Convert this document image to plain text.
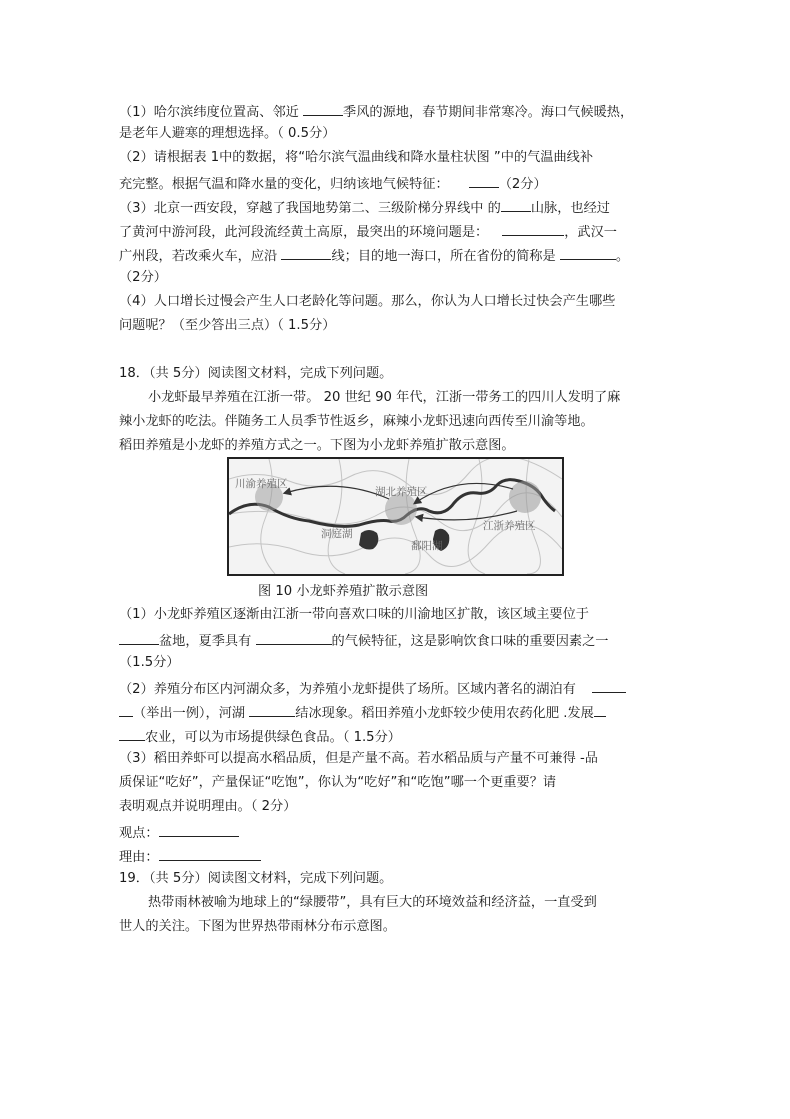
（1）哈尔滨纬度位置高、邻近	季风的源地，春节期间非常寒冷。海口气候暖热，
是老年人避寒的理想选择。（ 0.5分）
（2）请根据表 1中的数据，将“哈尔滨气温曲线和降水量柱状图 ”中的气温曲线补
充完整。根据气温和降水量的变化，归纳该地气候特征：	（2分）
（3）北京一西安段，穿越了我国地势第二、三级阶梯分界线中 的 山脉，也经过
了黄河中游河段，此河段流经黄土高原，最突出的环境问题是：	，武汉一
广州段，若改乘火车，应沿	线；目的地一海口，所在省份的简称是	。
（2分）
（4）人口增长过慢会产生人口老龄化等问题。那么，你认为人口增长过快会产生哪些
问题呢？（至少答出三点）（ 1.5分）
18．（共 5分）阅读图文材料，完成下列问题。
小龙虾最早养殖在江浙一带。 20 世纪 90 年代，江浙一带务工的四川人发明了麻
辣小龙虾的吃法。伴随务工人员季节性返乡，麻辣小龙虾迅速向西传至川渝等地。
稻田养殖是小龙虾的养殖方式之一。下图为小龙虾养殖扩散示意图。
川渝养殖区
湖北养殖区
江浙养殖区
洞庭湖
鄱阳湖
图 10 小龙虾养殖扩散示意图
（1）小龙虾养殖区逐渐由江浙一带向喜欢口味的川渝地区扩散，该区域主要位于
盆地，夏季具有	的气候特征，这是影响饮食口味的重要因素之一
（1.5分）
（2）养殖分布区内河湖众多，为养殖小龙虾提供了场所。区域内著名的湖泊有
（举出一例），河湖	结冰现象。稻田养殖小龙虾较少使用农药化肥 .发展
农业，可以为市场提供绿色食品。（ 1.5分）
（3）稻田养虾可以提高水稻品质，但是产量不高。若水稻品质与产量不可兼得 -品
质保证“吃好”，产量保证“吃饱”，你认为“吃好”和“吃饱”哪一个更重要？请
表明观点并说明理由。（ 2分）
观点：
理由：
19．（共 5分）阅读图文材料，完成下列问题。
热带雨林被喻为地球上的“绿腰带”，具有巨大的环境效益和经济益，一直受到
世人的关注。下图为世界热带雨林分布示意图。
